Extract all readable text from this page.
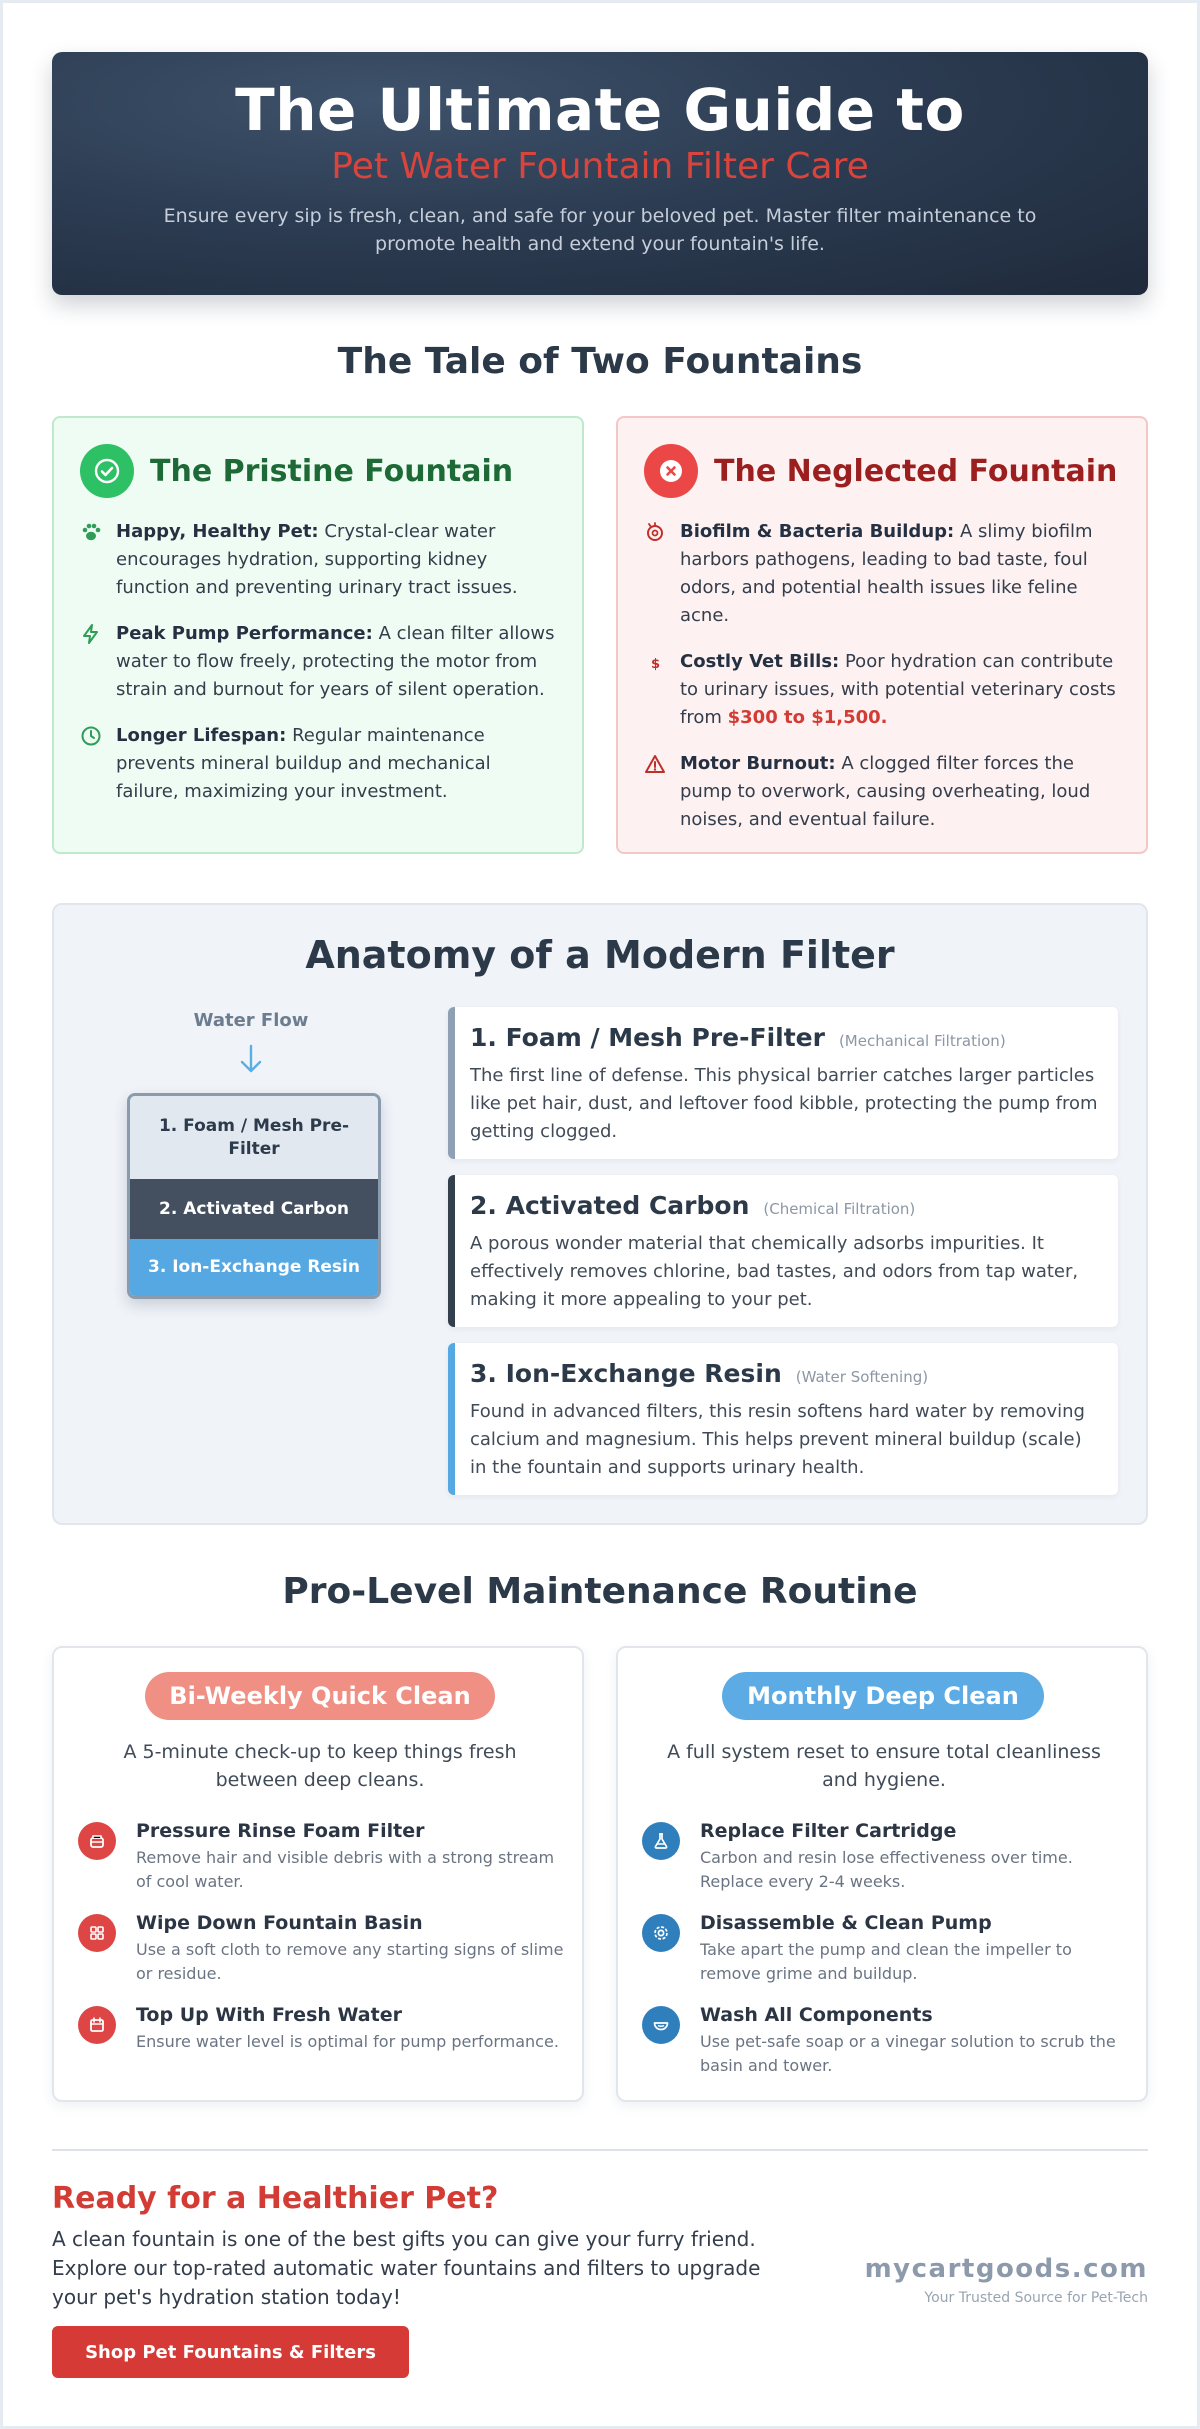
The Ultimate Guide to
Pet Water Fountain Filter Care

Ensure every sip is fresh, clean, and safe for your beloved pet. Master filter maintenance to promote health and extend your fountain's life.

The Tale of Two Fountains
The Pristine Fountain
Happy, Healthy Pet: Crystal-clear water encourages hydration, supporting kidney function and preventing urinary tract issues.
Peak Pump Performance: A clean filter allows water to flow freely, protecting the motor from strain and burnout for years of silent operation.
Longer Lifespan: Regular maintenance prevents mineral buildup and mechanical failure, maximizing your investment.
The Neglected Fountain
Biofilm & Bacteria Buildup: A slimy biofilm harbors pathogens, leading to bad taste, foul odors, and potential health issues like feline acne.
$ Costly Vet Bills: Poor hydration can contribute to urinary issues, with potential veterinary costs from $300 to $1,500.
Motor Burnout: A clogged filter forces the pump to overwork, causing overheating, loud noises, and eventual failure.
Anatomy of a Modern Filter
Water Flow
1. Foam / Mesh Pre-Filter
2. Activated Carbon
3. Ion-Exchange Resin
1. Foam / Mesh Pre-Filter (Mechanical Filtration)

The first line of defense. This physical barrier catches larger particles like pet hair, dust, and leftover food kibble, protecting the pump from getting clogged.

2. Activated Carbon (Chemical Filtration)

A porous wonder material that chemically adsorbs impurities. It effectively removes chlorine, bad tastes, and odors from tap water, making it more appealing to your pet.

3. Ion-Exchange Resin (Water Softening)

Found in advanced filters, this resin softens hard water by removing calcium and magnesium. This helps prevent mineral buildup (scale) in the fountain and supports urinary health.

Pro-Level Maintenance Routine
Bi-Weekly Quick Clean
A 5-minute check-up to keep things fresh between deep cleans.
Pressure Rinse Foam Filter
Remove hair and visible debris with a strong stream of cool water.
Wipe Down Fountain Basin
Use a soft cloth to remove any starting signs of slime or residue.
Top Up With Fresh Water
Ensure water level is optimal for pump performance.
Monthly Deep Clean
A full system reset to ensure total cleanliness and hygiene.
Replace Filter Cartridge
Carbon and resin lose effectiveness over time. Replace every 2-4 weeks.
Disassemble & Clean Pump
Take apart the pump and clean the impeller to remove grime and buildup.
Wash All Components
Use pet-safe soap or a vinegar solution to scrub the basin and tower.
Ready for a Healthier Pet?
A clean fountain is one of the best gifts you can give your furry friend. Explore our top-rated automatic water fountains and filters to upgrade your pet's hydration station today!
Shop Pet Fountains & Filters
mycartgoods.com
Your Trusted Source for Pet-Tech
